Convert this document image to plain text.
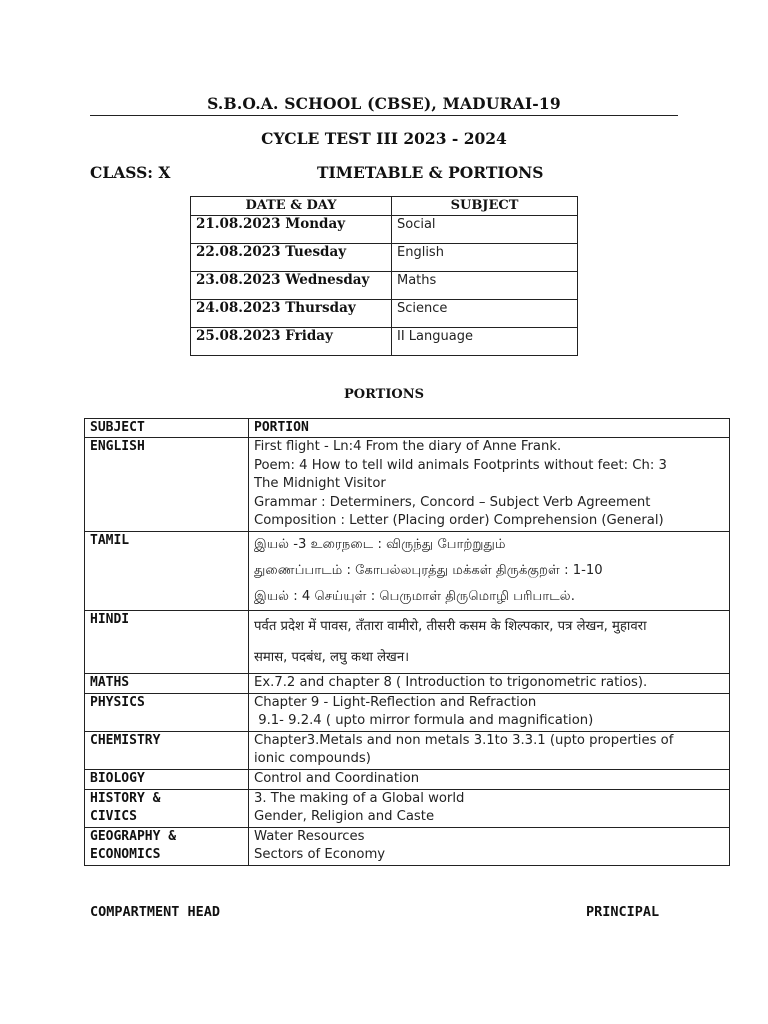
S.B.O.A. SCHOOL (CBSE), MADURAI-19
CYCLE TEST III 2023 - 2024
CLASS: X	TIMETABLE & PORTIONS
DATE & DAY	SUBJECT
21.08.2023 Monday	Social
22.08.2023 Tuesday	English
23.08.2023 Wednesday	Maths
24.08.2023 Thursday	Science
25.08.2023 Friday	II Language
PORTIONS
SUBJECT	PORTION

ENGLISH	First flight - Ln:4 From the diary of Anne Frank.
Poem: 4 How to tell wild animals Footprints without feet: Ch: 3
The Midnight Visitor
Grammar : Determiners, Concord – Subject Verb Agreement
Composition : Letter (Placing order) Comprehension (General)

TAMIL	இயல் -3 உரைநடை : விருந்து போற்றுதும்
துணைப்பாடம் : கோபல்லபுரத்து மக்கள் திருக்குறள் : 1-10
இயல் : 4 செய்யுள் : பெருமாள் திருமொழி பரிபாடல்.

HINDI	पर्वत प्रदेश में पावस, तँतारा वामीरो, तीसरी कसम के शिल्पकार, पत्र लेखन, मुहावरा
समास, पदबंध, लघु कथा लेखन।

MATHS	Ex.7.2 and chapter 8 ( Introduction to trigonometric ratios).

PHYSICS	Chapter 9 - Light-Reflection and Refraction
9.1- 9.2.4 ( upto mirror formula and magnification)

CHEMISTRY	Chapter3.Metals and non metals 3.1to 3.3.1 (upto properties of
ionic compounds)

BIOLOGY	Control and Coordination

HISTORY &
CIVICS	3. The making of a Global world
Gender, Religion and Caste

GEOGRAPHY &
ECONOMICS	Water Resources
Sectors of Economy
COMPARTMENT HEAD	PRINCIPAL
